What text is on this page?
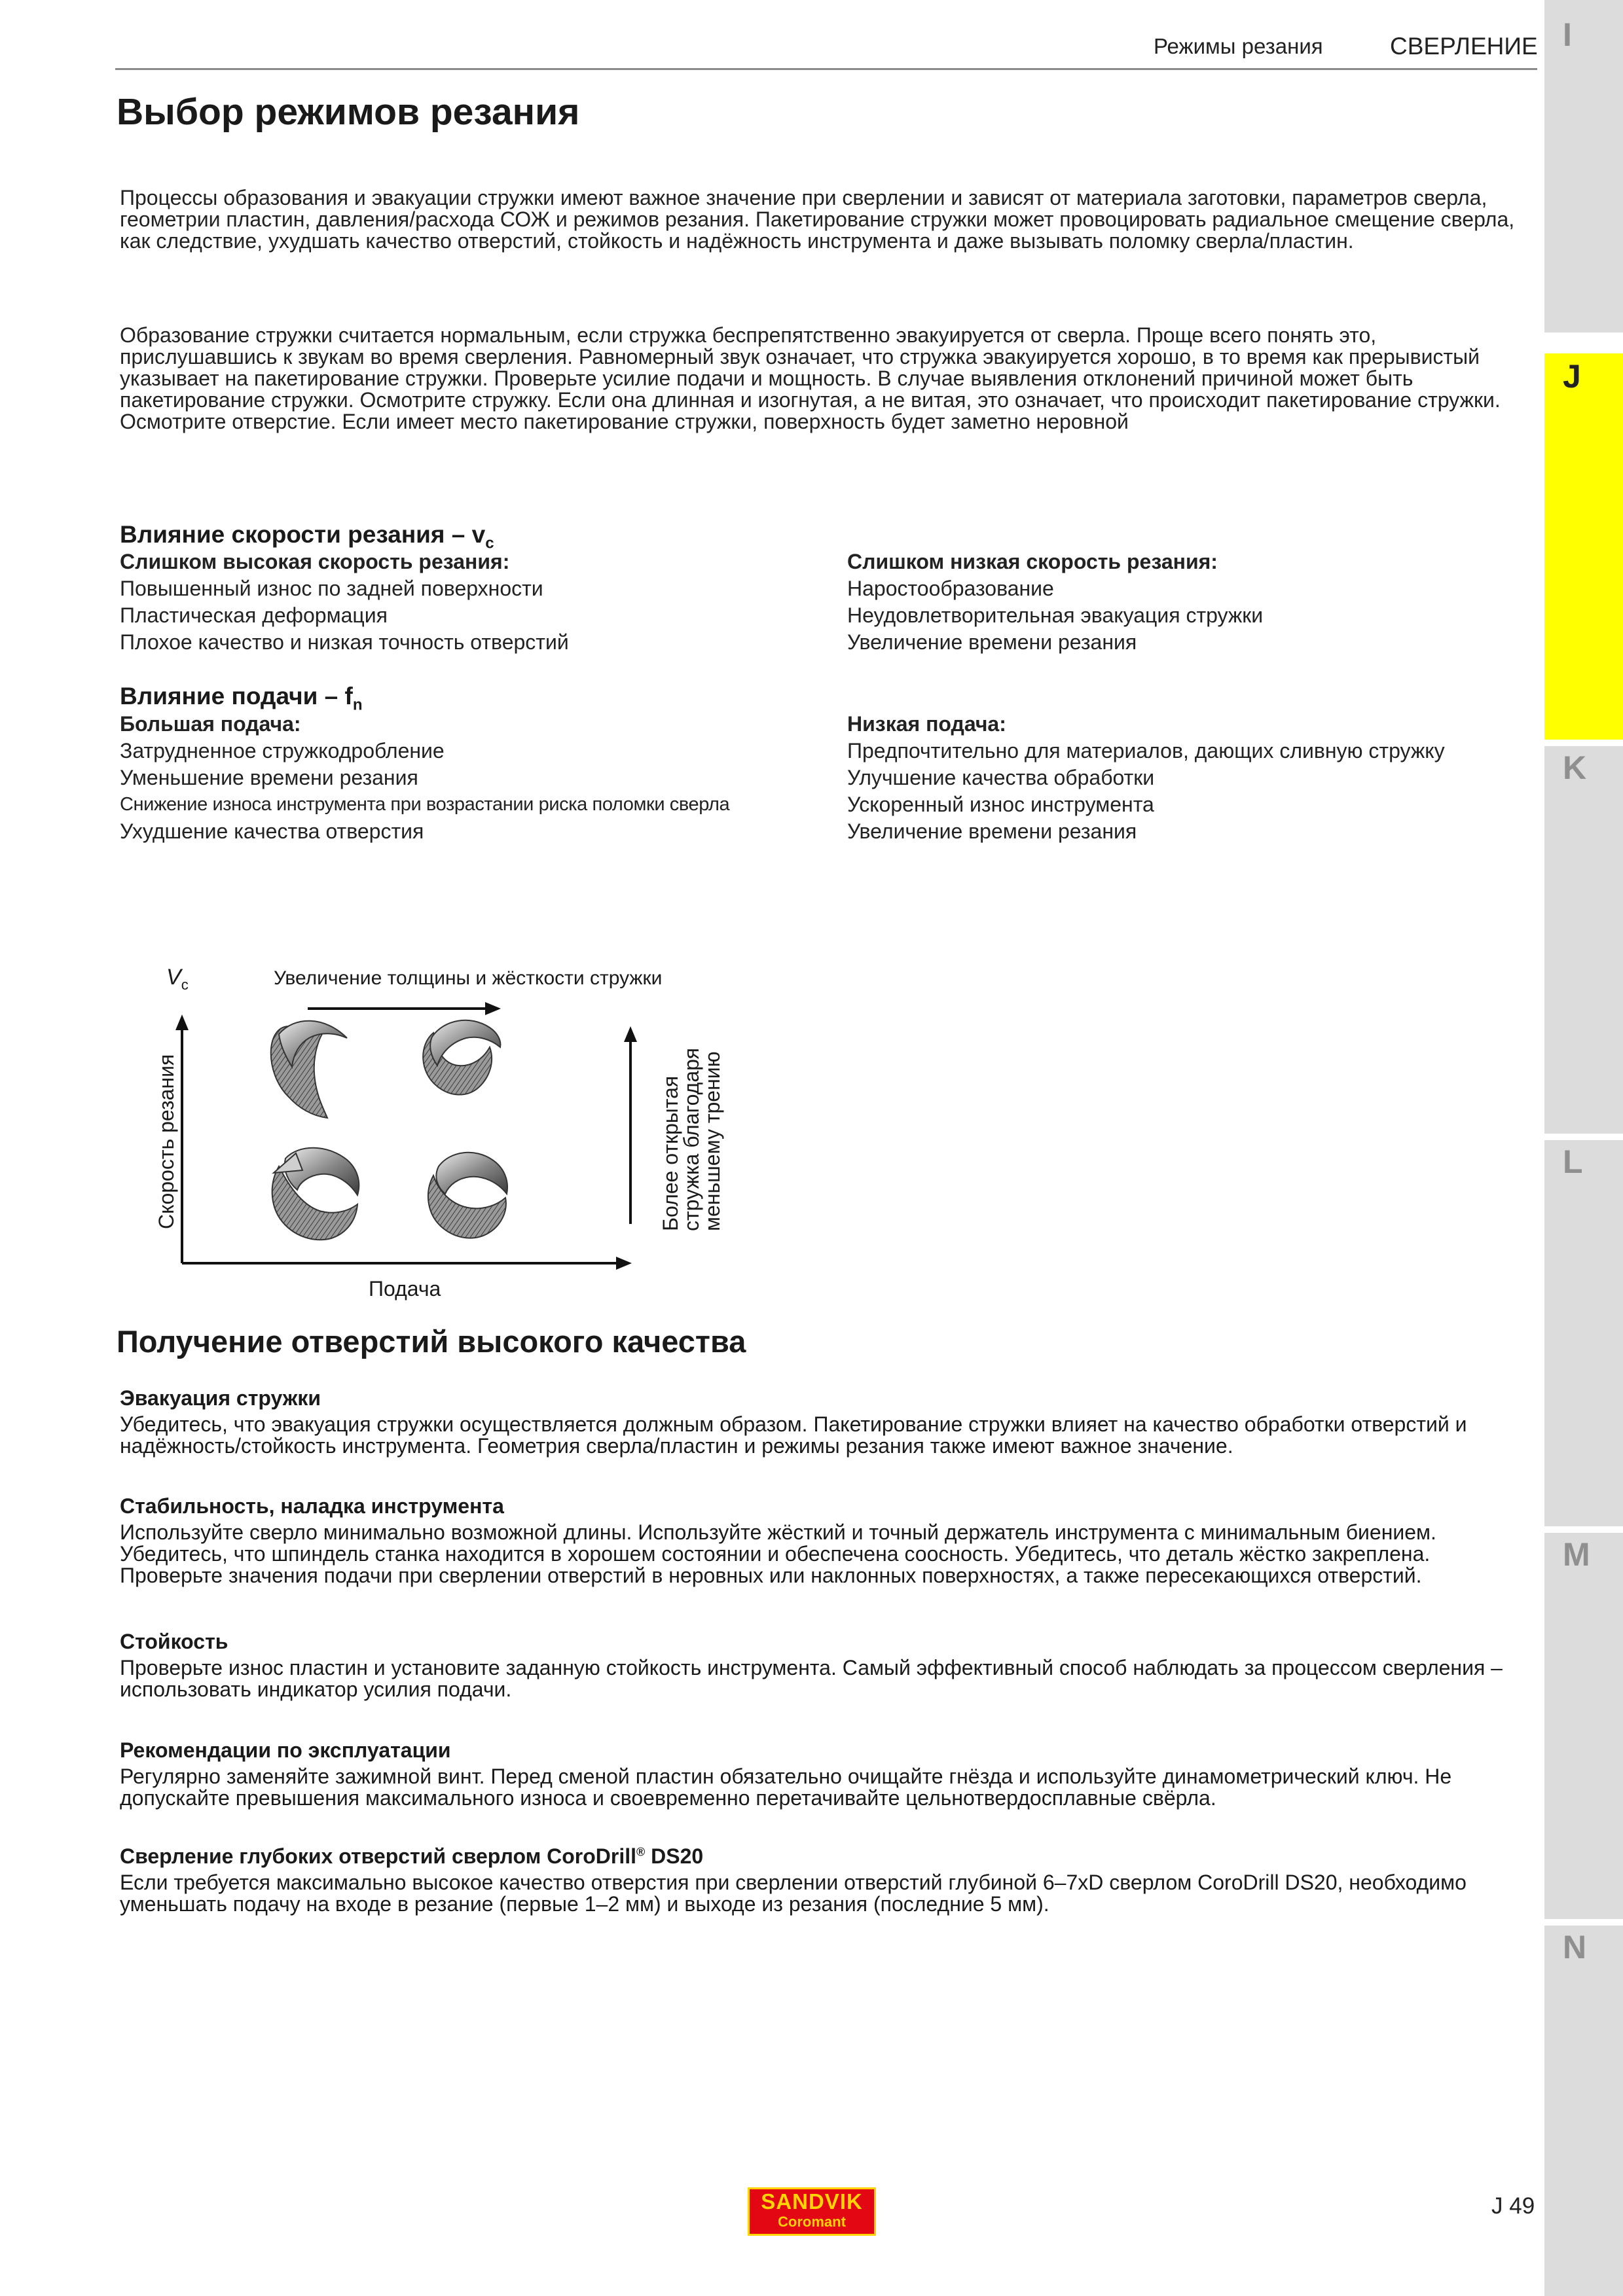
Режимы резания	СВЕРЛЕНИЕ I
J
K
L
M
N
Выбор режимов резания

Процессы образования и эвакуации стружки имеют важное значение при сверлении и зависят от материала заготовки, параметров сверла, геометрии пластин, давления/расхода СОЖ и режимов резания. Пакетирование стружки может провоцировать радиальное смещение сверла, как следствие, ухудшать качество отверстий, стойкость и надёжность инструмента и даже вызывать поломку сверла/пластин.

Образование стружки считается нормальным, если стружка беспрепятственно эвакуируется от сверла. Проще всего понять это, прислушавшись к звукам во время сверления. Равномерный звук означает, что стружка эвакуируется хорошо, в то время как прерывистый указывает на пакетирование стружки. Проверьте усилие подачи и мощность. В случае выявления отклонений причиной может быть пакетирование стружки. Осмотрите стружку. Если она длинная и изогнутая, а не витая, это означает, что происходит пакетирование стружки. Осмотрите отверстие. Если имеет место пакетирование стружки, поверхность будет заметно неровной

Влияние скорости резания – $v_c$
Слишком высокая скорость резания:
Повышенный износ по задней поверхности
Пластическая деформация
Плохое качество и низкая точность отверстий
Слишком низкая скорость резания:
Наростообразование
Неудовлетворительная эвакуация стружки
Увеличение времени резания
Влияние подачи – $f_n$
Большая подача:
Затрудненное стружкодробление
Уменьшение времени резания
Снижение износа инструмента при возрастании риска поломки сверла
Ухудшение качества отверстия
Низкая подача:
Предпочтительно для материалов, дающих сливную стружку
Улучшение качества обработки
Ускоренный износ инструмента
Увеличение времени резания
$V_c$	Увеличение толщины и жёсткости стружки
Скорость резания	Более открытая
стружка благодаря
меньшему трению
Подача
Получение отверстий высокого качества
Эвакуация стружки

Убедитесь, что эвакуация стружки осуществляется должным образом. Пакетирование стружки влияет на качество обработки отверстий и надёжность/стойкость инструмента. Геометрия сверла/пластин и режимы резания также имеют важное значение.

Стабильность, наладка инструмента

Используйте сверло минимально возможной длины. Используйте жёсткий и точный держатель инструмента с минимальным биением. Убедитесь, что шпиндель станка находится в хорошем состоянии и обеспечена соосность. Убедитесь, что деталь жёстко закреплена. Проверьте значения подачи при сверлении отверстий в неровных или наклонных поверхностях, а также пересекающихся отверстий.

Стойкость

Проверьте износ пластин и установите заданную стойкость инструмента. Самый эффективный способ наблюдать за процессом сверления – использовать индикатор усилия подачи.

Рекомендации по эксплуатации

Регулярно заменяйте зажимной винт. Перед сменой пластин обязательно очищайте гнёзда и используйте динамометрический ключ. Не допускайте превышения максимального износа и своевременно перетачивайте цельнотвердосплавные свёрла.

Сверление глубоких отверстий сверлом CoroDrill® DS20

Если требуется максимально высокое качество отверстия при сверлении отверстий глубиной 6–7xD сверлом CoroDrill DS20, необходимо уменьшать подачу на входе в резание (первые 1–2 мм) и выходе из резания (последние 5 мм).

SANDVIK
Coromant
J 49
